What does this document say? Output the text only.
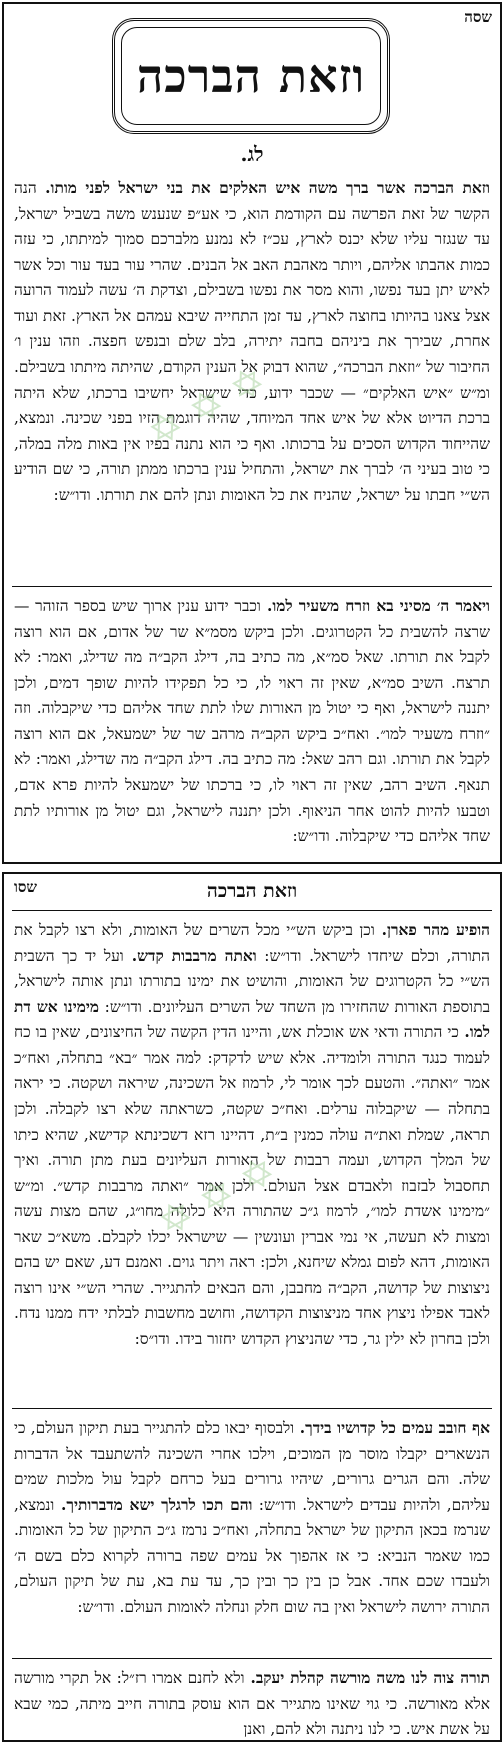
שסה
וזאת הברכה
לג.
וזאת הברכה אשר ברך משה איש האלקים את בני ישראל לפני מותו. הנה הקשר של זאת הפרשה עם הקודמת הוא, כי אע״פ שנענש משה בשביל ישראל, עד שנגזר עליו שלא יכנס לארץ, עכ״ז לא נמנע מלברכם סמוך למיתתו, כי עזה כמות אהבתו אליהם, ויותר מאהבת האב אל הבנים. שהרי עור בעד עור וכל אשר לאיש יתן בעד נפשו, והוא מסר את נפשו בשבילם, וצדקת ה׳ עשה לעמוד הרועה אצל צאנו בהיותו בחוצה לארץ, עד זמן התחייה שיבא עמהם אל הארץ. זאת ועוד אחרת, שבירך את ביניהם בחבה יתירה, בלב שלם ובנפש חפצה. וזהו ענין ו׳ החיבור של ״וזאת הברכה״, שהוא דבוק אל הענין הקודם, שהיתה מיתתו בשבילם. ומ״ש ״איש האלקים״ — שכבר ידוע, כדי שישראל יחשיבו ברכתו, שלא היתה ברכת הדיוט אלא של איש אחד המיוחד, שהיה דוגמת הזיו בפני שכינה. ונמצא, שהייחוד הקדוש הסכים על ברכותו. ואף כי הוא נתנה בפיו אין באות מלה במלה, כי טוב בעיני ה׳ לברך את ישראל, והתחיל ענין ברכתו ממתן תורה, כי שם הודיע הש״י חבתו על ישראל, שהניח את כל האומות ונתן להם את תורתו. ודו״ש:
ויאמר ה׳ מסיני בא וזרח משעיר למו. וכבר ידוע ענין ארוך שיש בספר הזוהר — שרצה להשבית כל הקטרוגים. ולכן ביקש מסמ״א שר של אדום, אם הוא רוצה לקבל את תורתו. שאל סמ״א, מה כתיב בה, דילג הקב״ה מה שדילג, ואמר: לא תרצח. השיב סמ״א, שאין זה ראוי לו, כי כל תפקידו להיות שופך דמים, ולכן יתננה לישראל, ואף כי יטול מן האורות שלו לתת שחד אליהם כדי שיקבלוה. וזה ״וזרח משעיר למו״. ואח״כ ביקש הקב״ה מרהב שר של ישמעאל, אם הוא רוצה לקבל את תורתו. וגם רהב שאל: מה כתיב בה. דילג הקב״ה מה שדילג, ואמר: לא תנאף. השיב רהב, שאין זה ראוי לו, כי ברכתו של ישמעאל להיות פרא אדם, וטבעו להיות להוט אחר הניאוף. ולכן יתננה לישראל, וגם יטול מן אורותיו לתת שחד אליהם כדי שיקבלוה. ודו״ש:
✡ ✡ ✡
שסו	וזאת הברכה
הופיע מהר פארן. וכן ביקש הש״י מכל השרים של האומות, ולא רצו לקבל את התורה, וכלם שיחדו לישראל. ודו״ש: ואתה מרבבות קדש. ועל יד כך השבית הש״י כל הקטרוגים של האומות, והושיט את ימינו בתורתו ונתן אותה לישראל, בתוספת האורות שהחזירו מן השחד של השרים העליונים. ודו״ש: מימינו אש דת למו. כי התורה ודאי אש אוכלת אש, והיינו הדין הקשה של החיצונים, שאין בו כח לעמוד כנגד התורה ולומדיה. אלא שיש לדקדק: למה אמר ״בא״ בתחלה, ואח״כ אמר ״ואתה״. והטעם לכך אומר לי, לרמוז אל השכינה, שיראה ושקטה. כי יראה בתחלה — שיקבלוה ערלים. ואח״כ שקטה, כשראתה שלא רצו לקבלה. ולכן תראה, שמלת ואת״ה עולה כמנין ב״ת, דהיינו רזא דשכינתא קדישא, שהיא כיתו של המלך הקדוש, ועמה רבבות של האורות העליונים בעת מתן תורה. ואיך תחסבול לבזבוז ולאבדם אצל העולם. ולכן אמר ״ואתה מרבבות קדש״. ומ״ש ״מימינו אשדת למו״, לרמוז ג״כ שהתורה היא כלולה מחו״ג, שהם מצות עשה ומצות לא תעשה, אי נמי אברין ועונשין — שישראל יכלו לקבלם. משא״כ שאר האומות, דהא לפום גמלא שיחנא, ולכן: ראה ויתר גוים. ואמנם דע, שאם יש בהם ניצוצות של קדושה, הקב״ה מחבבן, והם הבאים להתגייר. שהרי הש״י אינו רוצה לאבד אפילו ניצוץ אחד מניצוצות הקדושה, וחושב מחשבות לבלתי ידח ממנו נדח. ולכן בחרון לא ילין גר, כדי שהניצוץ הקדוש יחזור בידו. ודו״ס:
אף חובב עמים כל קדושיו בידך. ולבסוף יבאו כלם להתגייר בעת תיקון העולם, כי הנשארים יקבלו מוסר מן המוכים, וילכו אחרי השכינה להשתעבד אל הדברות שלה. והם הגרים גרורים, שיהיו גרורים בעל כרחם לקבל עול מלכות שמים עליהם, ולהיות עבדים לישראל. ודו״ש: והם תכו לרגלך ישא מדברותיך. ונמצא, שנרמז בכאן התיקון של ישראל בתחלה, ואח״כ נרמז ג״כ התיקון של כל האומות. כמו שאמר הנביא: כי אז אהפוך אל עמים שפה ברורה לקרוא כלם בשם ה׳ ולעבדו שכם אחד. אבל כן בין כך ובין כך, עד עת בא, עת של תיקון העולם, התורה ירושה לישראל ואין בה שום חלק ונחלה לאומות העולם. ודו״ש:
תורה צוה לנו משה מורשה קהלת יעקב. ולא לחנם אמרו רז״ל: אל תקרי מורשה אלא מאורשה. כי גוי שאינו מתגייר אם הוא עוסק בתורה חייב מיתה, כמי שבא על אשת איש. כי לנו ניתנה ולא להם, ואנן
✡ ✡ ✡
